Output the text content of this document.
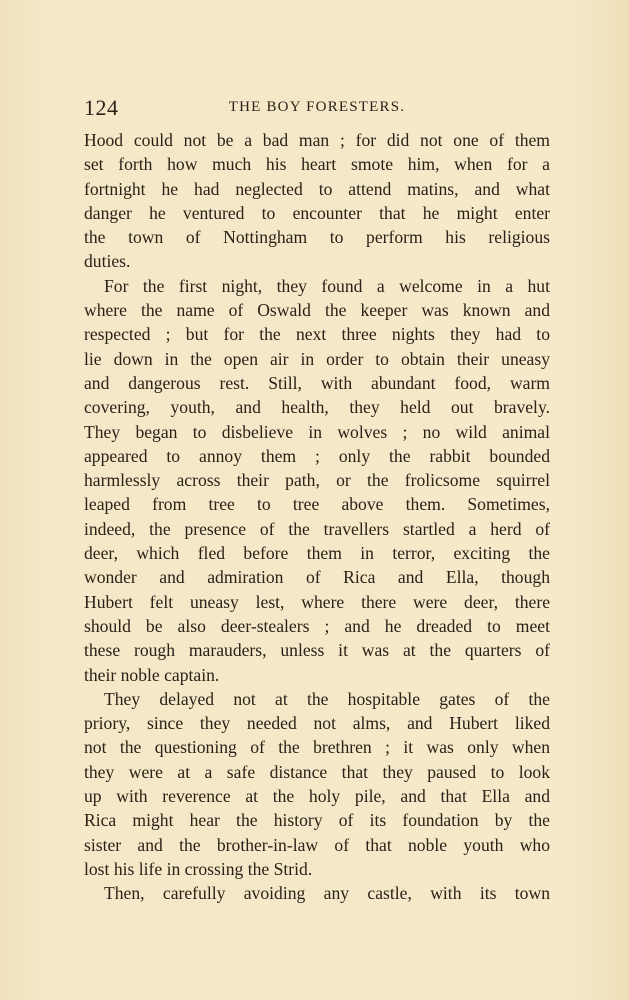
124	THE BOY FORESTERS.
Hood could not be a bad man ; for did not one of them
set forth how much his heart smote him, when for a
fortnight he had neglected to attend matins, and what
danger he ventured to encounter that he might enter
the town of Nottingham to perform his religious
duties.
For the first night, they found a welcome in a hut
where the name of Oswald the keeper was known and
respected ; but for the next three nights they had to
lie down in the open air in order to obtain their uneasy
and dangerous rest. Still, with abundant food, warm
covering, youth, and health, they held out bravely.
They began to disbelieve in wolves ; no wild animal
appeared to annoy them ; only the rabbit bounded
harmlessly across their path, or the frolicsome squirrel
leaped from tree to tree above them. Sometimes,
indeed, the presence of the travellers startled a herd of
deer, which fled before them in terror, exciting the
wonder and admiration of Rica and Ella, though
Hubert felt uneasy lest, where there were deer, there
should be also deer-stealers ; and he dreaded to meet
these rough marauders, unless it was at the quarters of
their noble captain.
They delayed not at the hospitable gates of the
priory, since they needed not alms, and Hubert liked
not the questioning of the brethren ; it was only when
they were at a safe distance that they paused to look
up with reverence at the holy pile, and that Ella and
Rica might hear the history of its foundation by the
sister and the brother-in-law of that noble youth who
lost his life in crossing the Strid.
Then, carefully avoiding any castle, with its town
